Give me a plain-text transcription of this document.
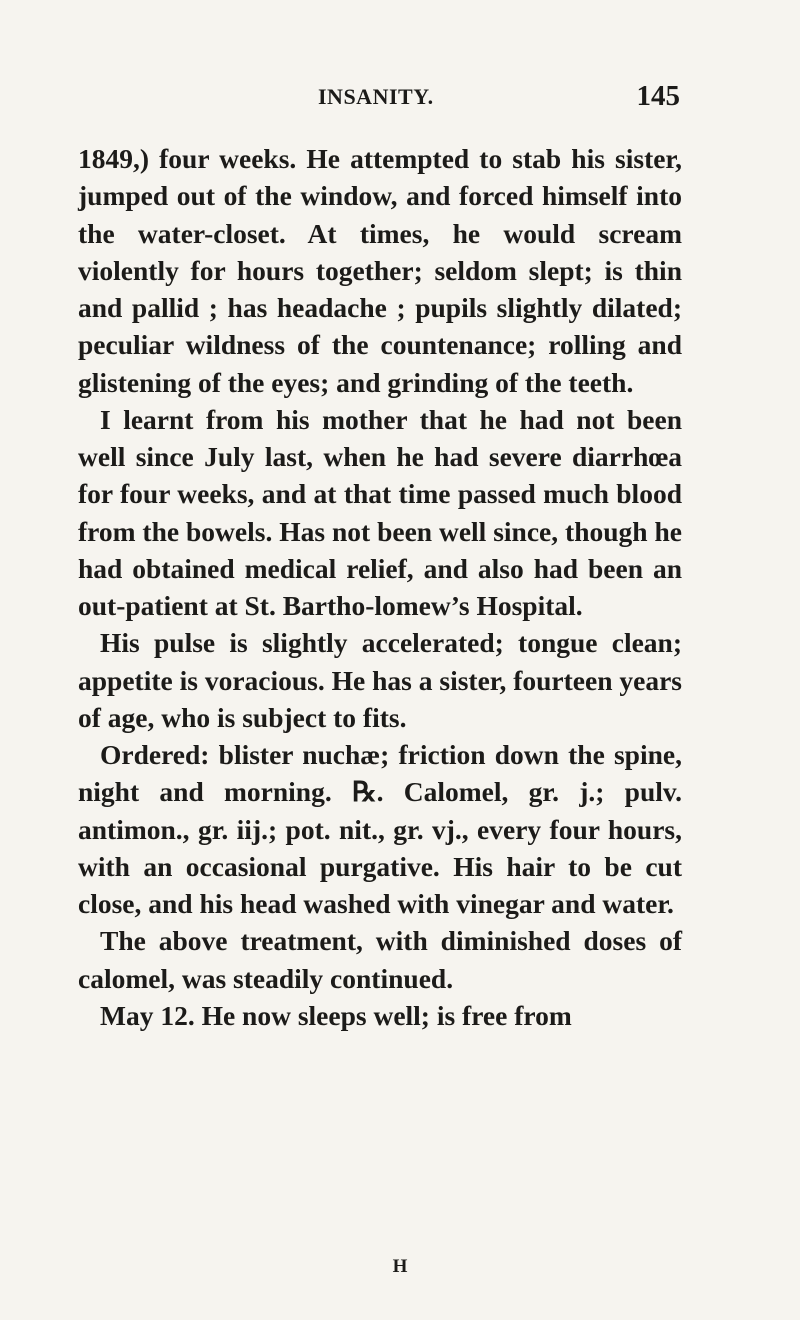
INSANITY.	145

1849,) four weeks. He attempted to stab his sister, jumped out of the window, and forced himself into the water-closet. At times, he would scream violently for hours together; seldom slept; is thin and pallid ; has headache ; pupils slightly dilated; peculiar wildness of the countenance; rolling and glistening of the eyes; and grinding of the teeth.

I learnt from his mother that he had not been well since July last, when he had severe diarrhœa for four weeks, and at that time passed much blood from the bowels. Has not been well since, though he had obtained medical relief, and also had been an out-patient at St. Bartho-lomew’s Hospital.

His pulse is slightly accelerated; tongue clean; appetite is voracious. He has a sister, fourteen years of age, who is subject to fits.

Ordered: blister nuchæ; friction down the spine, night and morning. ℞. Calomel, gr. j.; pulv. antimon., gr. iij.; pot. nit., gr. vj., every four hours, with an occasional purgative. His hair to be cut close, and his head washed with vinegar and water.

The above treatment, with diminished doses of calomel, was steadily continued.

May 12. He now sleeps well; is free from

H
